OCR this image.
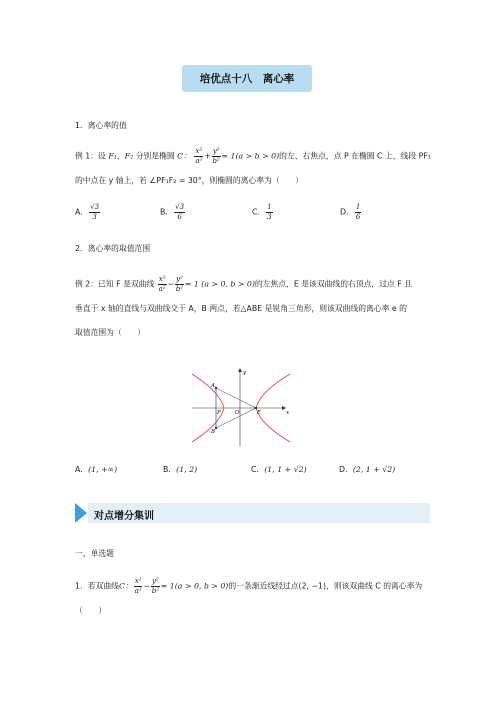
培优点十八　离心率
1．离心率的值
例 1：设 F₁，F₂ 分别是椭圆 C： $\frac{\text{x²}}{\text{a²}} + \frac{\text{y²}}{\text{b²}} = 1(a > b > 0)$的左、右焦点，点 P 在椭圆 C 上，线段 PF₁
的中点在 y 轴上，若 ∠PF₁F₂ = 30°，则椭圆的离心率为（　　）
A． $\frac{√3}{3}$	B． $\frac{√3}{6}$	C． $\frac{1}{3}$	D． $\frac{1}{6}$
2．离心率的取值范围
例 2：已知 F 是双曲线 $\frac{\text{x²}}{\text{a²}} - \frac{\text{y²}}{\text{b²}} = 1$ (a > 0, b > 0)的左焦点，E 是该双曲线的右顶点，过点 F 且
垂直于 x 轴的直线与双曲线交于 A，B 两点，若△ABE 是锐角三角形，则该双曲线的离心率 e 的
取值范围为（　　）
A
B
F	O	E
y
x
A．(1, +∞)	B．(1, 2)	C．(1, 1 + √2)	D．(2, 1 + √2)
对点增分集训
一、单选题
1．若双曲线C： $\frac{\text{x²}}{\text{a²}} - \frac{\text{y²}}{\text{b²}} = 1(a > 0$, b > 0)的一条渐近线经过点(2, −1)，则该双曲线 C 的离心率为
（　　）
